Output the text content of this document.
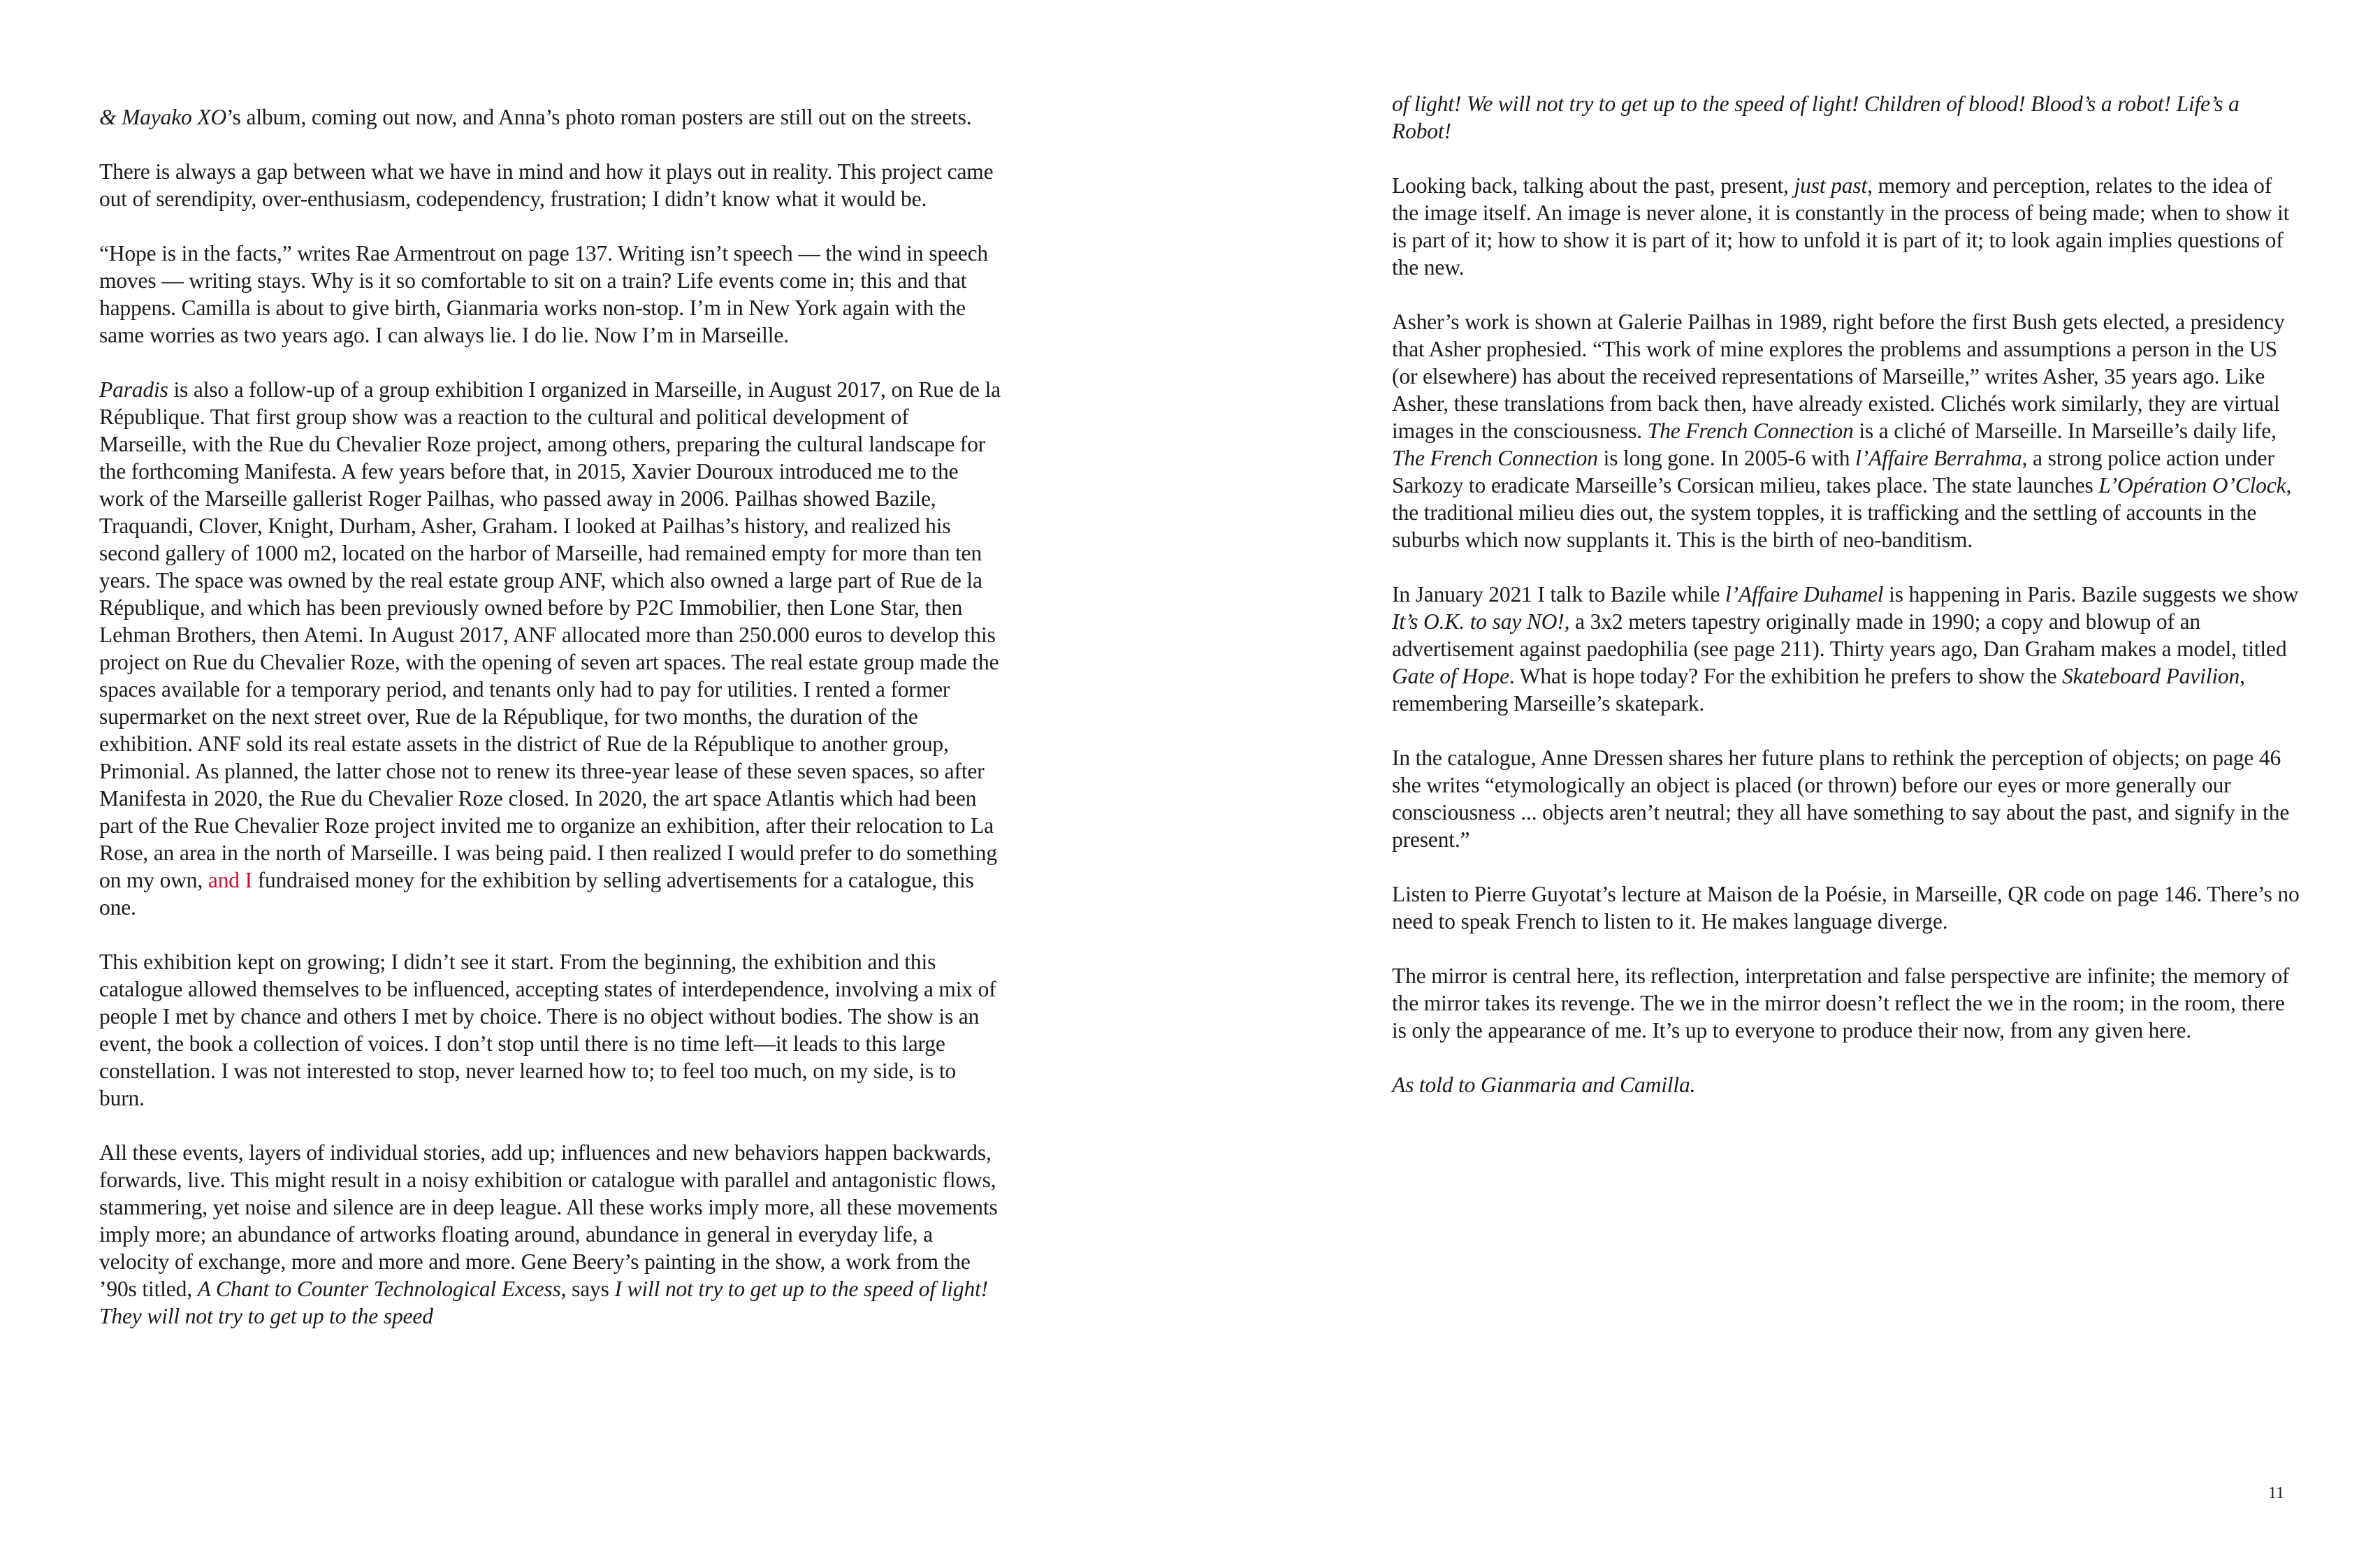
& Mayako XO’s album, coming out now, and Anna’s photo roman posters are still out on the streets.

There is always a gap between what we have in mind and how it plays out in reality. This project came out of serendipity, over-enthusiasm, codependency, frustration; I didn’t know what it would be.

“Hope is in the facts,” writes Rae Armentrout on page 137. Writing isn’t speech — the wind in speech moves — writing stays. Why is it so comfortable to sit on a train? Life events come in; this and that happens. Camilla is about to give birth, Gianmaria works non-stop. I’m in New York again with the same worries as two years ago. I can always lie. I do lie. Now I’m in Marseille.

Paradis is also a follow-up of a group exhibition I organized in Marseille, in August 2017, on Rue de la République. That first group show was a reaction to the cultural and political development of Marseille, with the Rue du Chevalier Roze project, among others, preparing the cultural landscape for the forthcoming Manifesta. A few years before that, in 2015, Xavier Douroux introduced me to the work of the Marseille gallerist Roger Pailhas, who passed away in 2006. Pailhas showed Bazile, Traquandi, Clover, Knight, Durham, Asher, Graham. I looked at Pailhas’s history, and realized his second gallery of 1000 m2, located on the harbor of Marseille, had remained empty for more than ten years. The space was owned by the real estate group ANF, which also owned a large part of Rue de la République, and which has been previously owned before by P2C Immobilier, then Lone Star, then Lehman Brothers, then Atemi. In August 2017, ANF allocated more than 250.000 euros to develop this project on Rue du Chevalier Roze, with the opening of seven art spaces. The real estate group made the spaces available for a temporary period, and tenants only had to pay for utilities. I rented a former supermarket on the next street over, Rue de la République, for two months, the duration of the exhibition. ANF sold its real estate assets in the district of Rue de la République to another group, Primonial. As planned, the latter chose not to renew its three-year lease of these seven spaces, so after Manifesta in 2020, the Rue du Chevalier Roze closed. In 2020, the art space Atlantis which had been part of the Rue Chevalier Roze project invited me to organize an exhibition, after their relocation to La Rose, an area in the north of Marseille. I was being paid. I then realized I would prefer to do something on my own, and I fundraised money for the exhibition by selling advertisements for a catalogue, this one.

This exhibition kept on growing; I didn’t see it start. From the beginning, the exhibition and this catalogue allowed themselves to be influenced, accepting states of interdependence, involving a mix of people I met by chance and others I met by choice. There is no object without bodies. The show is an event, the book a collection of voices. I don’t stop until there is no time left—it leads to this large constellation. I was not interested to stop, never learned how to; to feel too much, on my side, is to burn.

All these events, layers of individual stories, add up; influences and new behaviors happen backwards, forwards, live. This might result in a noisy exhibition or catalogue with parallel and antagonistic flows, stammering, yet noise and silence are in deep league. All these works imply more, all these movements imply more; an abundance of artworks floating around, abundance in general in everyday life, a velocity of exchange, more and more and more. Gene Beery’s painting in the show, a work from the ’90s titled, A Chant to Counter Technological Excess, says I will not try to get up to the speed of light! They will not try to get up to the speed

of light! We will not try to get up to the speed of light! Children of blood! Blood’s a robot! Life’s a Robot!

Looking back, talking about the past, present, just past, memory and perception, relates to the idea of the image itself. An image is never alone, it is constantly in the process of being made; when to show it is part of it; how to show it is part of it; how to unfold it is part of it; to look again implies questions of the new.

Asher’s work is shown at Galerie Pailhas in 1989, right before the first Bush gets elected, a presidency that Asher prophesied. “This work of mine explores the problems and assumptions a person in the US (or elsewhere) has about the received representations of Marseille,” writes Asher, 35 years ago. Like Asher, these translations from back then, have already existed. Clichés work similarly, they are virtual images in the consciousness. The French Connection is a cliché of Marseille. In Marseille’s daily life, The French Connection is long gone. In 2005-6 with l’Affaire Berrahma, a strong police action under Sarkozy to eradicate Marseille’s Corsican milieu, takes place. The state launches L’Opération O’Clock, the traditional milieu dies out, the system topples, it is trafficking and the settling of accounts in the suburbs which now supplants it. This is the birth of neo-banditism.

In January 2021 I talk to Bazile while l’Affaire Duhamel is happening in Paris. Bazile suggests we show It’s O.K. to say NO!, a 3x2 meters tapestry originally made in 1990; a copy and blowup of an advertisement against paedophilia (see page 211). Thirty years ago, Dan Graham makes a model, titled Gate of Hope. What is hope today? For the exhibition he prefers to show the Skateboard Pavilion, remembering Marseille’s skatepark.

In the catalogue, Anne Dressen shares her future plans to rethink the perception of objects; on page 46 she writes “etymologically an object is placed (or thrown) before our eyes or more generally our consciousness ... objects aren’t neutral; they all have something to say about the past, and signify in the present.”

Listen to Pierre Guyotat’s lecture at Maison de la Poésie, in Marseille, QR code on page 146. There’s no need to speak French to listen to it. He makes language diverge.

The mirror is central here, its reflection, interpretation and false perspective are infinite; the memory of the mirror takes its revenge. The we in the mirror doesn’t reflect the we in the room; in the room, there is only the appearance of me. It’s up to everyone to produce their now, from any given here.

As told to Gianmaria and Camilla.

11
